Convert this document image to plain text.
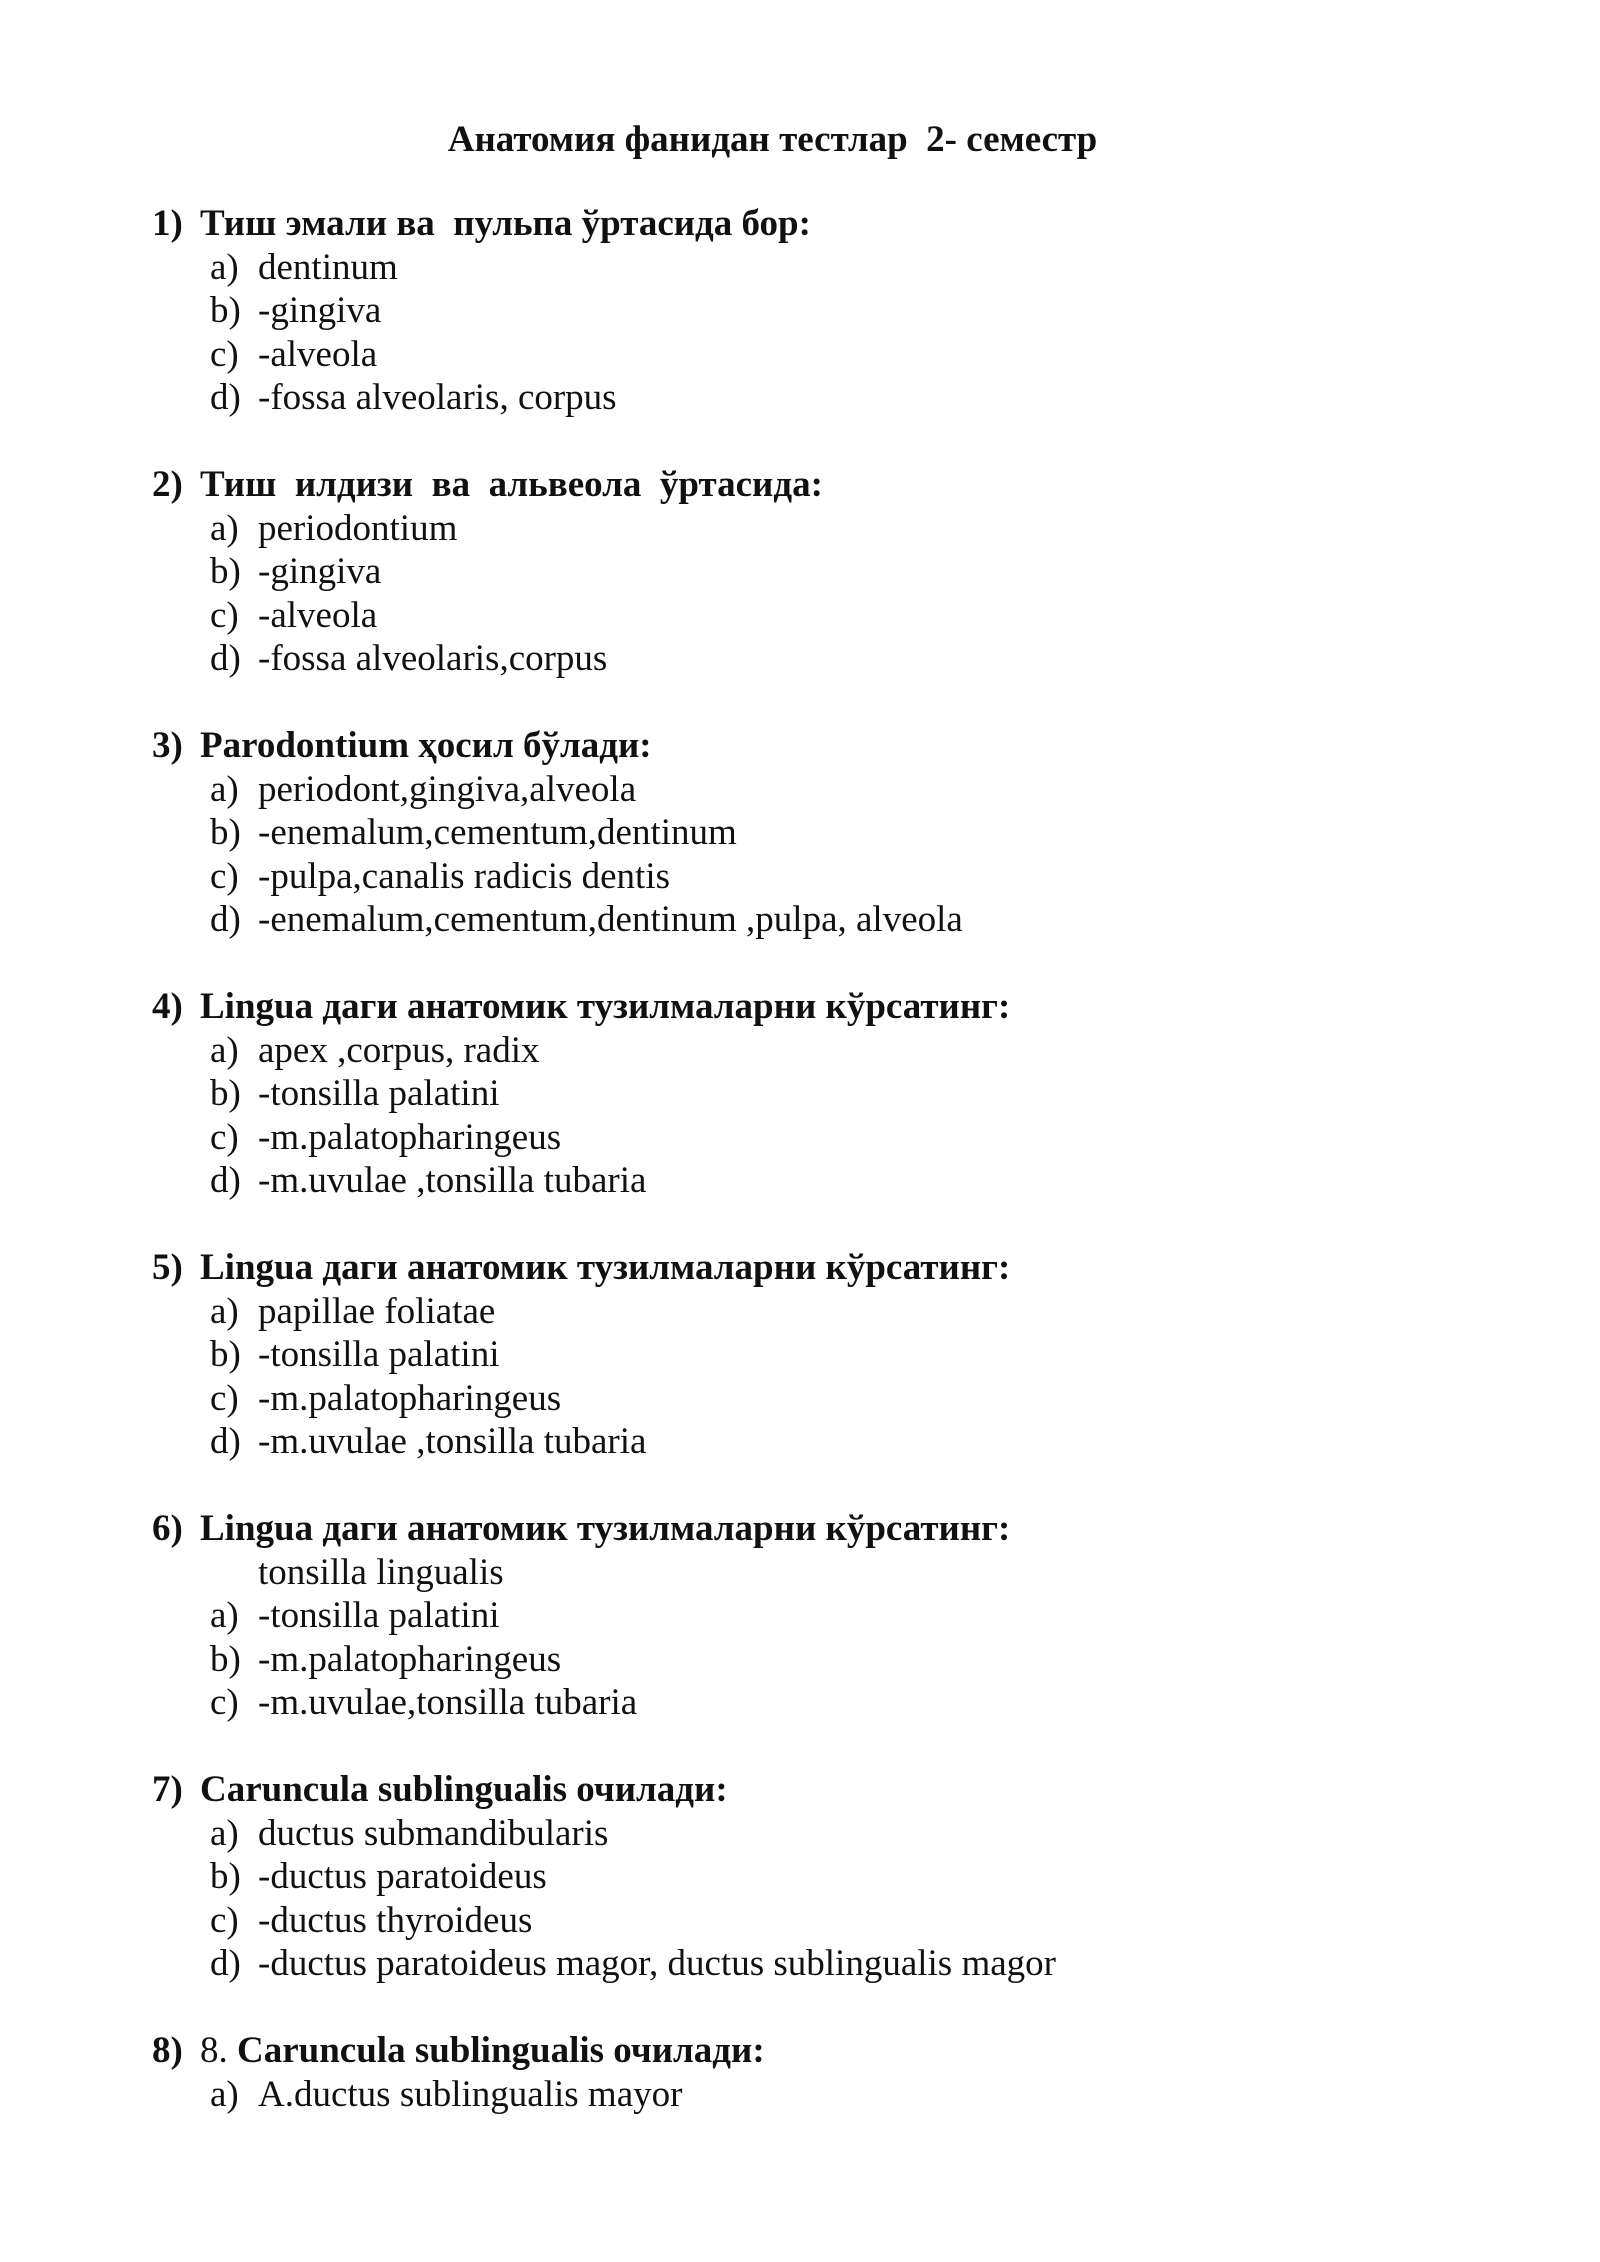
Анатомия фанидан тестлар  2- семестр
1) Тиш эмали ва  пульпа ўртасида бор:
a) dentinum
b) -gingiva
c) -alveola
d) -fossa alveolaris, corpus
2) Тиш  илдизи  ва  альвеола  ўртасида:
a) periodontium
b) -gingiva
c) -alveola
d) -fossa alveolaris,corpus
3) Parodontium ҳосил бўлади:
a) periodont,gingiva,alveola
b) -enemalum,cementum,dentinum
c) -pulpa,canalis radicis dentis
d) -enemalum,cementum,dentinum ,pulpa, alveola
4) Lingua даги анатомик тузилмаларни кўрсатинг:
a) apex ,corpus, radix
b) -tonsilla palatini
c) -m.palatopharingeus
d) -m.uvulae ,tonsilla tubaria
5) Lingua даги анатомик тузилмаларни кўрсатинг:
a) papillae foliatae
b) -tonsilla palatini
c) -m.palatopharingeus
d) -m.uvulae ,tonsilla tubaria
6) Lingua даги анатомик тузилмаларни кўрсатинг:
tonsilla lingualis
a) -tonsilla palatini
b) -m.palatopharingeus
c) -m.uvulae,tonsilla tubaria
7) Caruncula sublingualis очилади:
a) ductus submandibularis
b) -ductus paratoideus
c) -ductus thyroideus
d) -ductus paratoideus magor, ductus sublingualis magor
8) 8. Caruncula sublingualis очилади:
a) A.ductus sublingualis mayor
